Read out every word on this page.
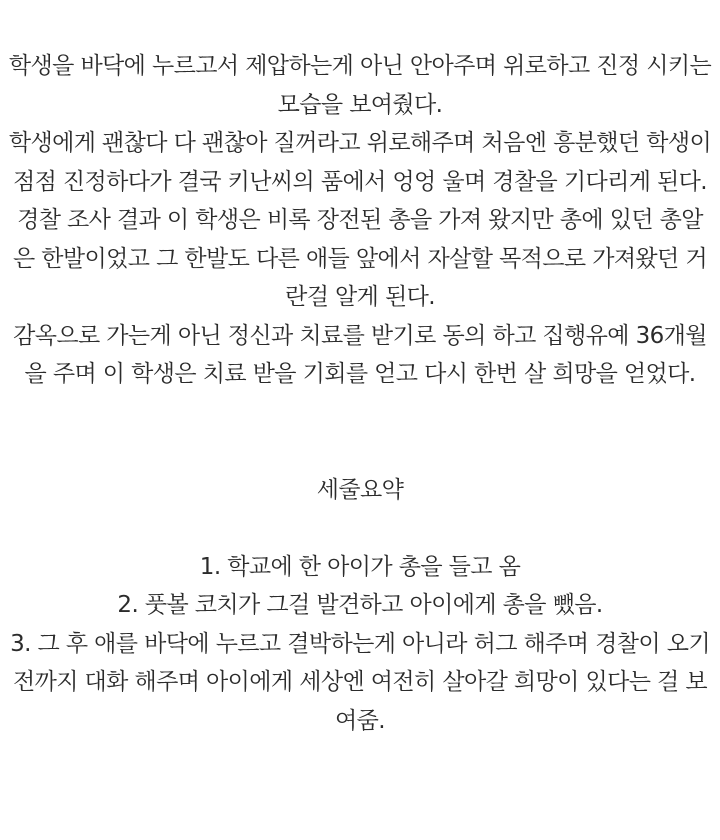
학생을 바닥에 누르고서 제압하는게 아닌 안아주며 위로하고 진정 시키는 모습을 보여줬다.

학생에게 괜찮다 다 괜찮아 질꺼라고 위로해주며 처음엔 흥분했던 학생이 점점 진정하다가 결국 키난씨의 품에서 엉엉 울며 경찰을 기다리게 된다.

경찰 조사 결과 이 학생은 비록 장전된 총을 가져 왔지만 총에 있던 총알은 한발이었고 그 한발도 다른 애들 앞에서 자살할 목적으로 가져왔던 거란걸 알게 된다.

감옥으로 가는게 아닌 정신과 치료를 받기로 동의 하고 집행유예 36개월을 주며 이 학생은 치료 받을 기회를 얻고 다시 한번 살 희망을 얻었다.

세줄요약

1. 학교에 한 아이가 총을 들고 옴
2. 풋볼 코치가 그걸 발견하고 아이에게 총을 뺐음.
3. 그 후 애를 바닥에 누르고 결박하는게 아니라 허그 해주며 경찰이 오기 전까지 대화 해주며 아이에게 세상엔 여전히 살아갈 희망이 있다는 걸 보여줌.
